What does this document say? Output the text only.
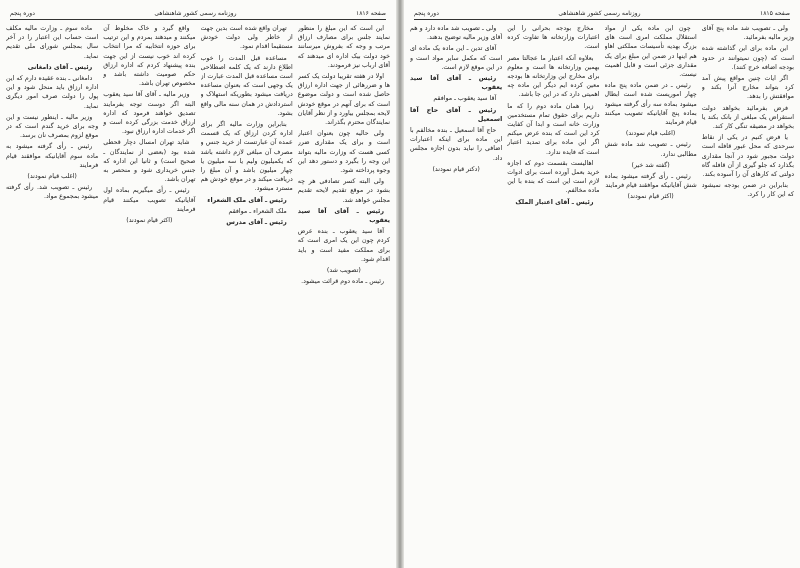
صفحه ۱۸۱۶
روزنامه رسمی کشور شاهنشاهی
دوره پنجم

این است که این مبلغ را منظور نمایند جلس برای مصارف ارزاق مرتب و وجه که بفروش میرسانند خود دولت بیک اداره ای میدهند که آقای ارباب نیز فرمودند.

اولا در هفته تقریبا دولت یک کسر ها و ضررهائی از جهت اداره ارزاق حاصل شده است و دولت موضوع است که برای آنهم در موقع خودش لایحه بمجلس بیاورد و از نظر آقایان نمایندگان محترم بگذراند.

ولی حالیه چون بعنوان اعتبار است و برای یک مقداری ضرر کسی هست که وزارت مالیه بتواند این وجه را بگیرد و دستور دهد این وجوه پرداخته شود.

ولی البته کسر تصادفی هر چه بشود در موقع تقدیم لایحه تقدیم مجلس خواهد شد.

رئیس ـ آقای آقا سید یعقوب

آقا سید یعقوب ـ بنده عرض کردم چون این یک امری است که برای مملکت مفید است و باید اقدام شود.

(تصویب شد)

رئیس ـ ماده دوم قرائت میشود.

تهران واقع شده است بدین جهت از خاطر ولی دولت خودش مستقیما اقدام نمود.

مساعده قبل المدت را خوب اطلاع دارند که یک کلمه اصطلاحی است مساعده قبل المدت عبارت از یک وجهی است که بعنوان مساعده دریافت میشود بطوریکه استهلاک و استردادش در همان سنه مالی واقع بشود.

بنابراین وزارت مالیه اگر برای اداره کردن ارزاق که یک قسمت عمده آن عبارتست از خرید جنس و مصرف آن مبلغی لازم داشته باشد که یکمیلیون ولیم یا سه میلیون یا چهار میلیون باشد و آن مبلغ را دریافت میکند و در موقع خودش هم مسترد میشود.

رئیس ـ آقای ملک الشعراء

ملک الشعراء ـ موافقم

رئیس ـ آقای مدرس

واقع گیرد و خاک مخلوط آن میکنند و میدهند بمردم و این ترتیب برای حوزه انتخابیه که مرا انتخاب کرده اند خوب نیست از این جهت بنده پیشنهاد کردم که اداره ارزاق حکم صومیت داشته باشد و مخصوص تهران باشد.

وزیر مالیه ـ آقای آقا سید یعقوب البته اگر دوست توجه بفرمایند تصدیق خواهند فرمود که اداره ارزاق خدمت بزرگی کرده است و اگر خدمات اداره ارزاق نبود.

شاید تهران امسال دچار قحطی شده بود (بعضی از نمایندگان ـ صحیح است) و ثانیا این اداره که جنس خریداری شود و منحصر به تهران باشد.

رئیس ـ رأی میگیریم بماده اول آقایانیکه تصویب میکنند قیام فرمایند

(اکثر قیام نمودند)

ماده سوم ـ وزارت مالیه مکلف است حساب این اعتبار را در آخر سال بمجلس شورای ملی تقدیم نماید.

رئیس ـ آقای دامغانی

دامغانی ـ بنده عقیده دارم که این اداره ارزاق باید منحل شود و این پول را دولت صرف امور دیگری نماید.

وزیر مالیه ـ اینطور نیست و این وجه برای خرید گندم است که در موقع لزوم بمصرف نان برسد.

رئیس ـ رأی گرفته میشود به ماده سوم آقایانیکه موافقند قیام فرمایند

(اغلب قیام نمودند)

رئیس ـ تصویب شد. رأی گرفته میشود بمجموع مواد.

صفحه ۱۸۱۵
روزنامه رسمی کشور شاهنشاهی
دوره پنجم

ولی ـ تصویب شد ماده پنج آقای وزیر مالیه بفرمائید.

این ماده برای این گذاشته شده است که (چون نمیتوانند در حدود بودجه اضافه خرج کنند).

اگر ایات چنین مواقع پیش آمد کرد بتواند مخارج آنرا بکند و موافقتش را بدهد.

فرض بفرمائید بخواهد دولت استقراض یک مبلغی از بانک بکند یا بخواهد در مضیقه تنگی کار کند.

یا فرض کنیم در یکی از نقاط سرحدی که محل عبور قافله است دولت مجبور شود در آنجا مقداری بگذارد که جلو گیری از آن قافله گاه دولتی که کارهای آن را آسوده بکند.

بنابراین در ضمن بودجه نمیشود که این کار را کرد.

چون این ماده یکی از مواد استقلال مملکت امری است های بزرگ بهدیه تأسیسات مملکتی اهاو هم اینها در ضمن این مبلغ برای یک مقداری جزئی است و قابل اهمیت نیست.

رئیس ـ در ضمن ماده پنج ماده چهار اموریست شده است ابطال میشود بماده سه رأی گرفته میشود بماده پنج آقایانیکه تصویب میکنند قیام فرمایند

(اغلب قیام نمودند)

رئیس ـ تصویب شد ماده شش مطالبی ندارد.

(گفته شد خیر)

رئیس ـ رأی گرفته میشود بماده شش آقایانیکه موافقند قیام فرمایند

(اکثر قیام نمودند)

مخارج بودجه بحرانی را این اعتبارات وزارتخانه ها تفاوت کرده است.

بعلاوه آنکه اعتبار ما عجالتا مصر بهمین وزارتخانه ها است و معلوم برای مخارج این وزارتخانه ها بودجه معین کرده ایم دیگر این ماده چه اهمیتی دارد که در این جا باشد.

زیرا همان ماده دوم را که ما داریم برای حقوق تمام مستخدمین وزارت خانه است و ابدا آن کفایت کرد این است که بنده عرض میکنم اگر این ماده برای تمدید اعتبار است که فایده ندارد.

اهالیست بقسمت دوم که اجازه خرید بعمل آورده است برای ادوات لازم است این است که بنده با این ماده مخالفم.

رئیس ـ آقای اعتبار الملک

ولی ـ تصویب شد ماده دارد و هم آقای وزیر مالیه توضیح بدهند.

آقای تدین ـ این ماده یک ماده ای است که مکمل سایر مواد است و در این موقع لازم است.

رئیس ـ آقای آقا سید یعقوب

آقا سید یعقوب ـ موافقم

رئیس ـ آقای حاج آقا اسمعیل

حاج آقا اسمعیل ـ بنده مخالفم با این ماده برای اینکه اعتبارات اضافی را نباید بدون اجازه مجلس داد.

(دکتر قیام نمودند)
